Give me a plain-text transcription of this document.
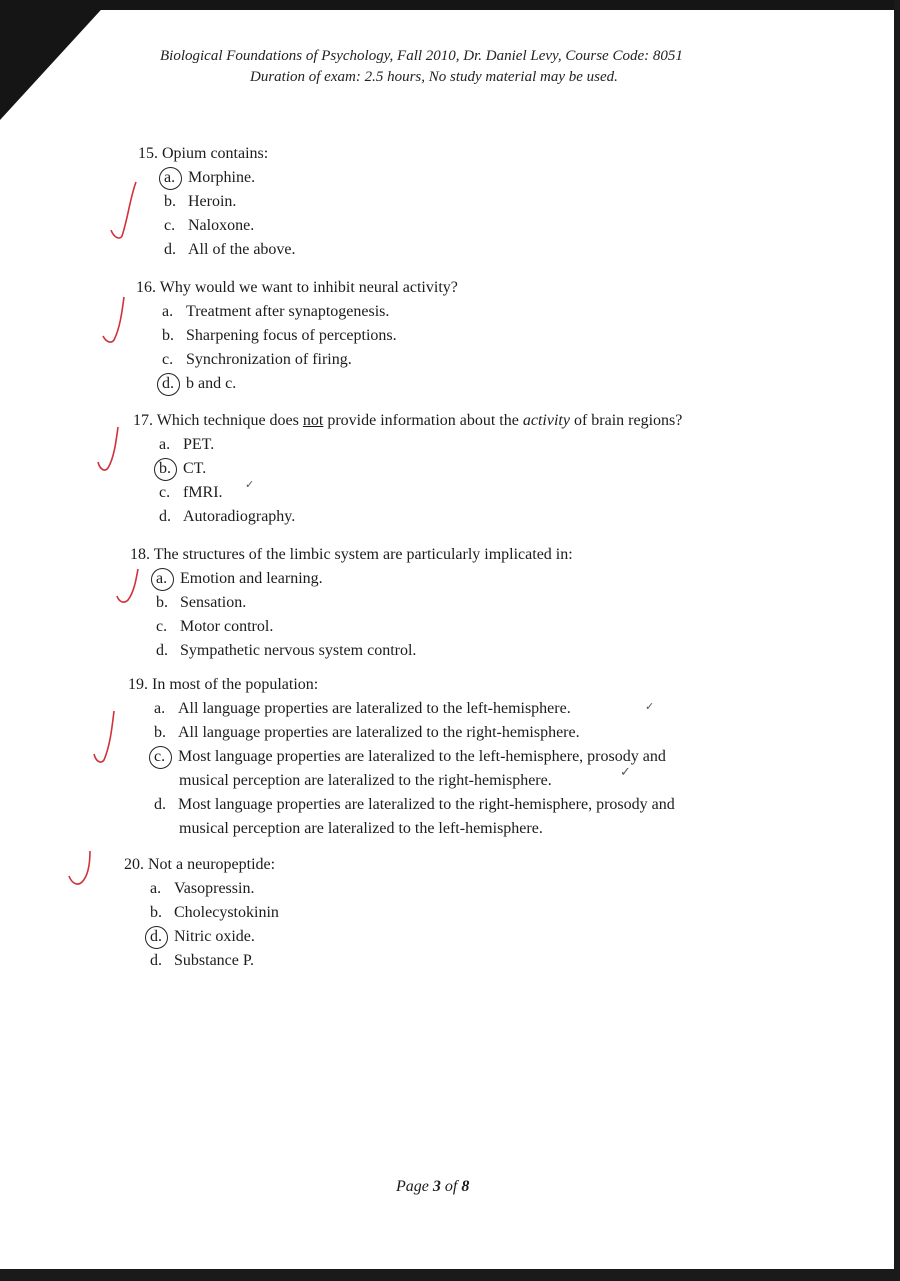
Biological Foundations of Psychology, Fall 2010, Dr. Daniel Levy, Course Code: 8051
Duration of exam: 2.5 hours, No study material may be used.
15. Opium contains:
a. Morphine.
b. Heroin.
c. Naloxone.
d. All of the above.
16. Why would we want to inhibit neural activity?
a. Treatment after synaptogenesis.
b. Sharpening focus of perceptions.
c. Synchronization of firing.
d. b and c.
17. Which technique does not provide information about the activity of brain regions?
a. PET.
b. CT.
c. fMRI.
d. Autoradiography.
18. The structures of the limbic system are particularly implicated in:
a. Emotion and learning.
b. Sensation.
c. Motor control.
d. Sympathetic nervous system control.
19. In most of the population:
a. All language properties are lateralized to the left-hemisphere.
b. All language properties are lateralized to the right-hemisphere.
c. Most language properties are lateralized to the left-hemisphere, prosody and
musical perception are lateralized to the right-hemisphere.
d. Most language properties are lateralized to the right-hemisphere, prosody and
musical perception are lateralized to the left-hemisphere.
20. Not a neuropeptide:
a. Vasopressin.
b. Cholecystokinin
d. Nitric oxide.
d. Substance P.
✓
✓
✓
Page 3 of 8
